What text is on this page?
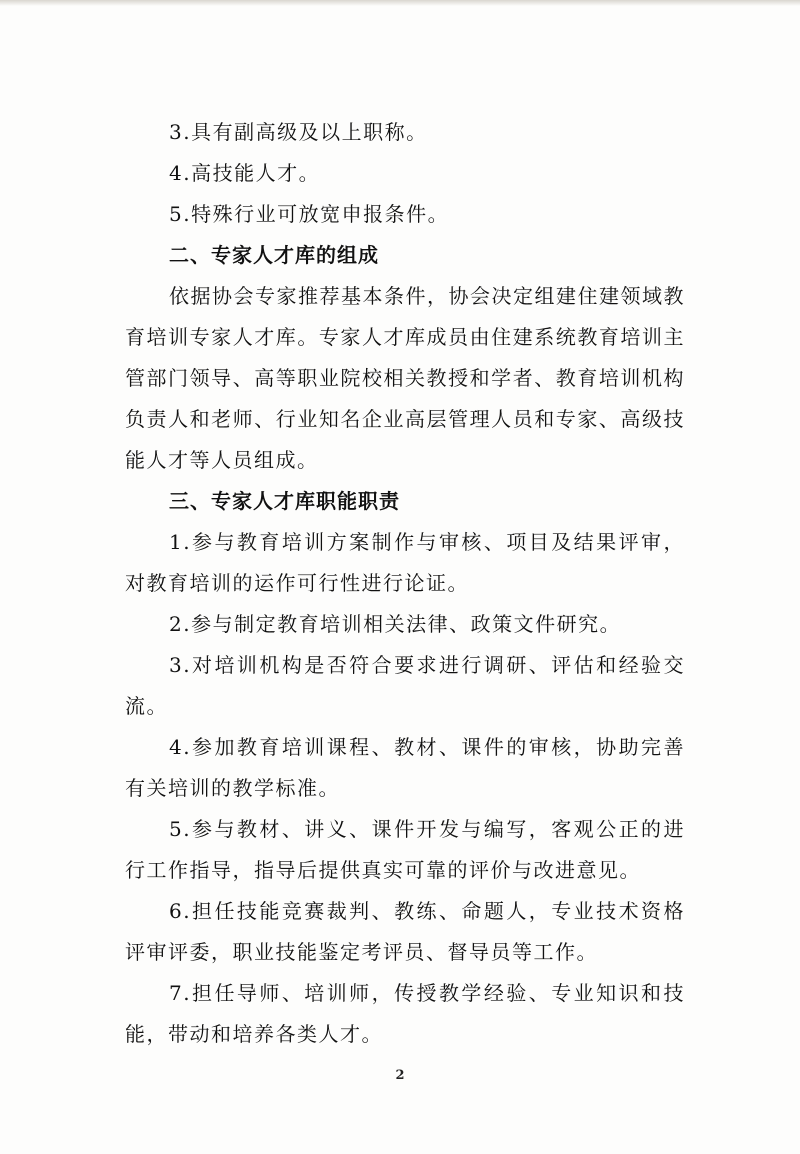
3.具有副高级及以上职称。

4.高技能人才。

5.特殊行业可放宽申报条件。

二、专家人才库的组成

依据协会专家推荐基本条件，协会决定组建住建领域教育培训专家人才库。专家人才库成员由住建系统教育培训主管部门领导、高等职业院校相关教授和学者、教育培训机构负责人和老师、行业知名企业高层管理人员和专家、高级技能人才等人员组成。

三、专家人才库职能职责

1.参与教育培训方案制作与审核、项目及结果评审，对教育培训的运作可行性进行论证。

2.参与制定教育培训相关法律、政策文件研究。

3.对培训机构是否符合要求进行调研、评估和经验交流。

4.参加教育培训课程、教材、课件的审核，协助完善有关培训的教学标准。

5.参与教材、讲义、课件开发与编写，客观公正的进行工作指导，指导后提供真实可靠的评价与改进意见。

6.担任技能竞赛裁判、教练、命题人，专业技术资格评审评委，职业技能鉴定考评员、督导员等工作。

7.担任导师、培训师，传授教学经验、专业知识和技能，带动和培养各类人才。

2
